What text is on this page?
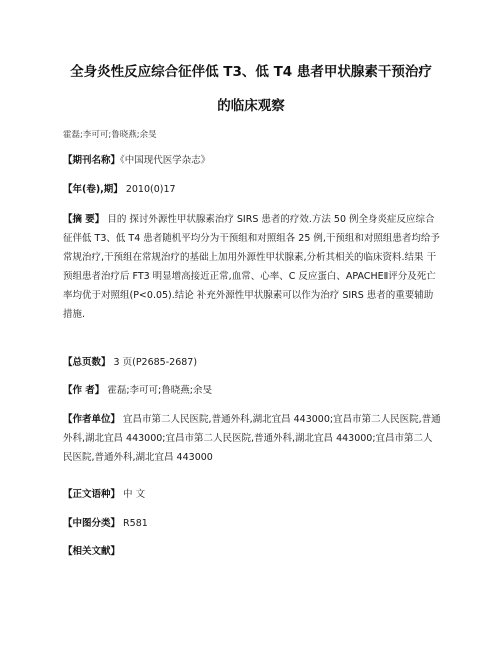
全身炎性反应综合征伴低 T3、低 T4 患者甲状腺素干预治疗
的临床观察
霍磊;李可可;鲁晓燕;余旻
【期刊名称】《中国现代医学杂志》
【年(卷),期】 2010(0)17
【摘 要】 目的 探讨外源性甲状腺素治疗 SIRS 患者的疗效.方法 50 例全身炎症反应综合征伴低 T3、低 T4 患者随机平均分为干预组和对照组各 25 例,干预组和对照组患者均给予常规治疗,干预组在常规治疗的基础上加用外源性甲状腺素,分析其相关的临床资料.结果 干预组患者治疗后 FT3 明显增高接近正常,血常、心率、C 反应蛋白、APACHEⅡ评分及死亡率均优于对照组(P<0.05).结论 补充外源性甲状腺素可以作为治疗 SIRS 患者的重要辅助措施.
【总页数】 3 页(P2685-2687)
【作 者】 霍磊;李可可;鲁晓燕;余旻
【作者单位】 宜昌市第二人民医院,普通外科,湖北宜昌 443000;宜昌市第二人民医院,普通外科,湖北宜昌 443000;宜昌市第二人民医院,普通外科,湖北宜昌 443000;宜昌市第二人民医院,普通外科,湖北宜昌 443000
【正文语种】 中 文
【中图分类】 R581
【相关文献】
